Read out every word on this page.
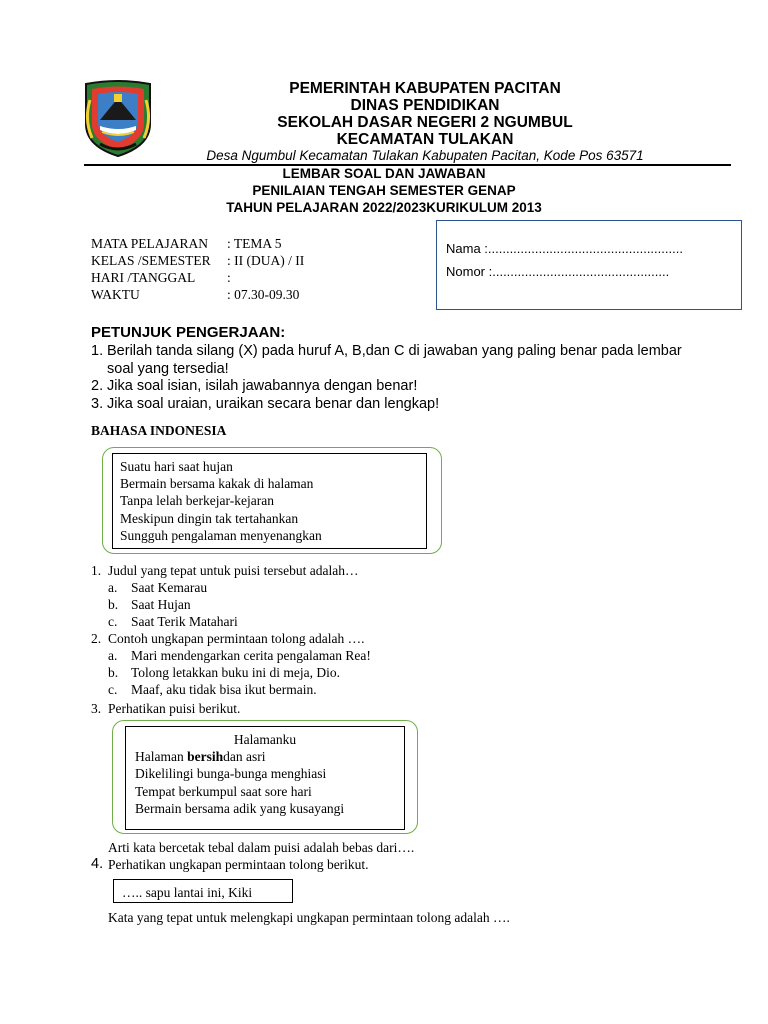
PEMERINTAH KABUPATEN PACITAN
DINAS PENDIDIKAN
SEKOLAH DASAR NEGERI 2 NGUMBUL
KECAMATAN TULAKAN
Desa Ngumbul Kecamatan Tulakan Kabupaten Pacitan, Kode Pos 63571
LEMBAR SOAL DAN JAWABAN
PENILAIAN TENGAH SEMESTER GENAP
TAHUN PELAJARAN 2022/2023KURIKULUM 2013
MATA PELAJARAN : TEMA 5
KELAS /SEMESTER : II (DUA) / II
HARI /TANGGAL :
WAKTU	: 07.30-09.30
Nama :......................................................
Nomor :.................................................
PETUNJUK PENGERJAAN:
1. Berilah tanda silang (X) pada huruf A, B,dan C di jawaban yang paling benar pada lembar soal yang tersedia!
2. Jika soal isian, isilah jawabannya dengan benar!
3. Jika soal uraian, uraikan secara benar dan lengkap!
BAHASA INDONESIA
Suatu hari saat hujan
Bermain bersama kakak di halaman
Tanpa lelah berkejar-kejaran
Meskipun dingin tak tertahankan
Sungguh pengalaman menyenangkan
1. Judul yang tepat untuk puisi tersebut adalah…
a. Saat Kemarau
b. Saat Hujan
c. Saat Terik Matahari
2. Contoh ungkapan permintaan tolong adalah ….
a. Mari mendengarkan cerita pengalaman Rea!
b. Tolong letakkan buku ini di meja, Dio.
c. Maaf, aku tidak bisa ikut bermain.
3. Perhatikan puisi berikut.
Halamanku
Halaman bersihdan asri
Dikelilingi bunga-bunga menghiasi
Tempat berkumpul saat sore hari
Bermain bersama adik yang kusayangi
Arti kata bercetak tebal dalam puisi adalah bebas dari….
4. Perhatikan ungkapan permintaan tolong berikut.
….. sapu lantai ini, Kiki
Kata yang tepat untuk melengkapi ungkapan permintaan tolong adalah ….
